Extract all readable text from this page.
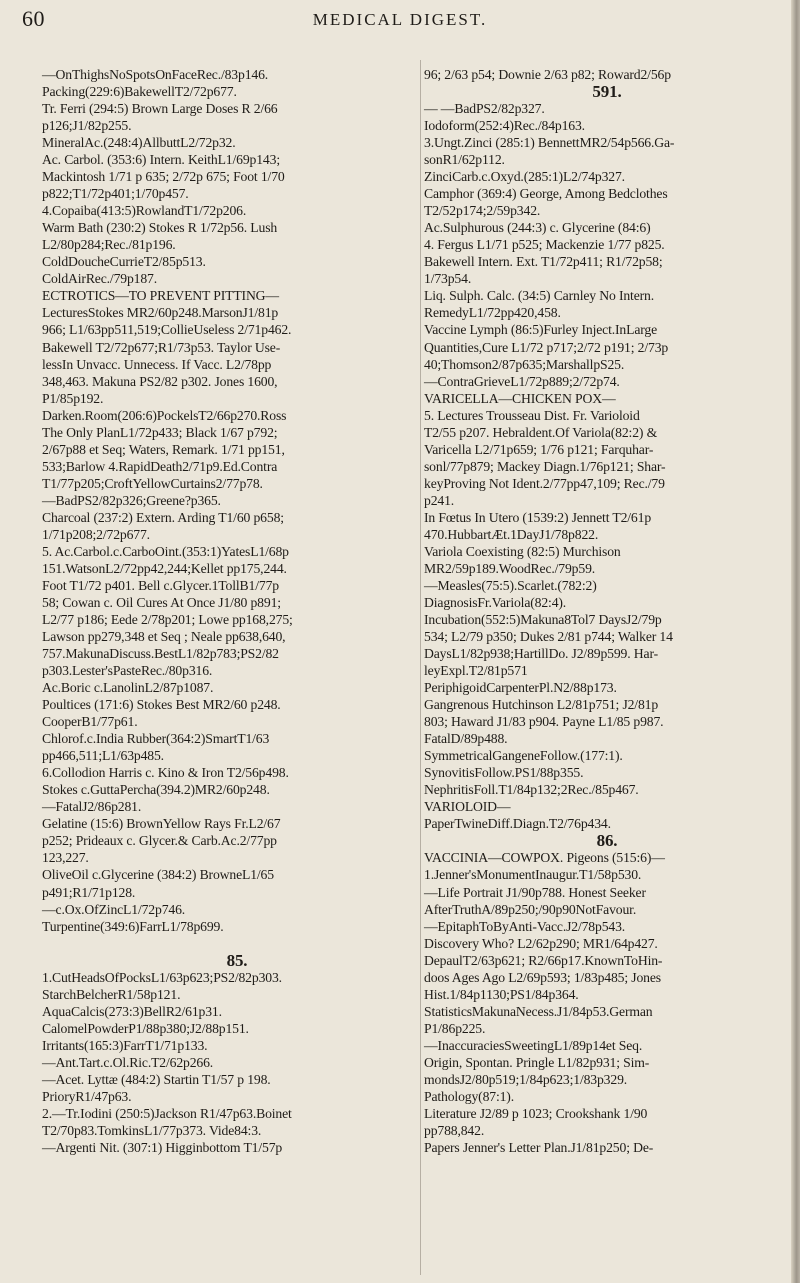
60	MEDICAL DIGEST.
—OnThighsNoSpotsOnFaceRec./83p146.
Packing(229:6)BakewellT2/72p677.
Tr. Ferri (294:5) Brown Large Doses R 2/66
p126;J1/82p255.
MineralAc.(248:4)AllbuttL2/72p32.
Ac. Carbol. (353:6) Intern. KeithL1/69p143;
Mackintosh 1/71 p 635; 2/72p 675; Foot 1/70
p822;T1/72p401;1/70p457.
4.Copaiba(413:5)RowlandT1/72p206.
Warm Bath (230:2) Stokes R 1/72p56. Lush
L2/80p284;Rec./81p196.
ColdDoucheCurrieT2/85p513.
ColdAirRec./79p187.
ECTROTICS—TO PREVENT PITTING—
LecturesStokes MR2/60p248.MarsonJ1/81p
966; L1/63pp511,519;CollieUseless 2/71p462.
Bakewell T2/72p677;R1/73p53. Taylor Use-
lessIn Unvacc. Unnecess. If Vacc. L2/78pp
348,463. Makuna PS2/82 p302. Jones 1600,
P1/85p192.
Darken.Room(206:6)PockelsT2/66p270.Ross
The Only PlanL1/72p433; Black 1/67 p792;
2/67p88 et Seq; Waters, Remark. 1/71 pp151,
533;Barlow 4.RapidDeath2/71p9.Ed.Contra
T1/77p205;CroftYellowCurtains2/77p78.
—BadPS2/82p326;Greene?p365.
Charcoal (237:2) Extern. Arding T1/60 p658;
1/71p208;2/72p677.
5. Ac.Carbol.c.CarboOint.(353:1)YatesL1/68p
151.WatsonL2/72pp42,244;Kellet pp175,244.
Foot T1/72 p401. Bell c.Glycer.1TollB1/77p
58; Cowan c. Oil Cures At Once J1/80 p891;
L2/77 p186; Eede 2/78p201; Lowe pp168,275;
Lawson pp279,348 et Seq ; Neale pp638,640,
757.MakunaDiscuss.BestL1/82p783;PS2/82
p303.Lester'sPasteRec./80p316.
Ac.Boric c.LanolinL2/87p1087.
Poultices (171:6) Stokes Best MR2/60 p248.
CooperB1/77p61.
Chlorof.c.India Rubber(364:2)SmartT1/63
pp466,511;L1/63p485.
6.Collodion Harris c. Kino & Iron T2/56p498.
Stokes c.GuttaPercha(394.2)MR2/60p248.
—FatalJ2/86p281.
Gelatine (15:6) BrownYellow Rays Fr.L2/67
p252; Prideaux c. Glycer.& Carb.Ac.2/77pp
123,227.
OliveOil c.Glycerine (384:2) BrowneL1/65
p491;R1/71p128.
—c.Ox.OfZincL1/72p746.
Turpentine(349:6)FarrL1/78p699.

85.
1.CutHeadsOfPocksL1/63p623;PS2/82p303.
StarchBelcherR1/58p121.
AquaCalcis(273:3)BellR2/61p31.
CalomelPowderP1/88p380;J2/88p151.
Irritants(165:3)FarrT1/71p133.
—Ant.Tart.c.Ol.Ric.T2/62p266.
—Acet. Lyttæ (484:2) Startin T1/57 p 198.
PrioryR1/47p63.
2.—Tr.Iodini (250:5)Jackson R1/47p63.Boinet
T2/70p83.TomkinsL1/77p373. Vide84:3.
—Argenti Nit. (307:1) Higginbottom T1/57p
96; 2/63 p54; Downie 2/63 p82; Roward2/56p
591.
— —BadPS2/82p327.
Iodoform(252:4)Rec./84p163.
3.Ungt.Zinci (285:1) BennettMR2/54p566.Ga-
sonR1/62p112.
ZinciCarb.c.Oxyd.(285:1)L2/74p327.
Camphor (369:4) George, Among Bedclothes
T2/52p174;2/59p342.
Ac.Sulphurous (244:3) c. Glycerine (84:6)
4. Fergus L1/71 p525; Mackenzie 1/77 p825.
Bakewell Intern. Ext. T1/72p411; R1/72p58;
1/73p54.
Liq. Sulph. Calc. (34:5) Carnley No Intern.
RemedyL1/72pp420,458.
Vaccine Lymph (86:5)Furley Inject.InLarge
Quantities,Cure L1/72 p717;2/72 p191; 2/73p
40;Thomson2/87p635;MarshallpS25.
—ContraGrieveL1/72p889;2/72p74.
VARICELLA—CHICKEN POX—
5. Lectures Trousseau Dist. Fr. Varioloid
T2/55 p207. Hebraldent.Of Variola(82:2) &
Varicella L2/71p659; 1/76 p121; Farquhar-
sonl/77p879; Mackey Diagn.1/76p121; Shar-
keyProving Not Ident.2/77pp47,109; Rec./79
p241.
In Fœtus In Utero (1539:2) Jennett T2/61p
470.HubbartÆt.1DayJ1/78p822.
Variola Coexisting (82:5) Murchison
MR2/59p189.WoodRec./79p59.
—Measles(75:5).Scarlet.(782:2)
DiagnosisFr.Variola(82:4).
Incubation(552:5)Makuna8Tol7 DaysJ2/79p
534; L2/79 p350; Dukes 2/81 p744; Walker 14
DaysL1/82p938;HartillDo. J2/89p599. Har-
leyExpl.T2/81p571
PeriphigoidCarpenterPl.N2/88p173.
Gangrenous Hutchinson L2/81p751; J2/81p
803; Haward J1/83 p904. Payne L1/85 p987.
FatalD/89p488.
SymmetricalGangeneFollow.(177:1).
SynovitisFollow.PS1/88p355.
NephritisFoll.T1/84p132;2Rec./85p467.
VARIOLOID—
PaperTwineDiff.Diagn.T2/76p434.
86.
VACCINIA—COWPOX. Pigeons (515:6)—
1.Jenner'sMonumentInaugur.T1/58p530.
—Life Portrait J1/90p788. Honest Seeker
AfterTruthA/89p250;/90p90NotFavour.
—EpitaphToByAnti-Vacc.J2/78p543.
Discovery Who? L2/62p290; MR1/64p427.
DepaulT2/63p621; R2/66p17.KnownToHin-
doos Ages Ago L2/69p593; 1/83p485; Jones
Hist.1/84p1130;PS1/84p364.
StatisticsMakunaNecess.J1/84p53.German
P1/86p225.
—InaccuraciesSweetingL1/89p14et Seq.
Origin, Spontan. Pringle L1/82p931; Sim-
mondsJ2/80p519;1/84p623;1/83p329.
Pathology(87:1).
Literature J2/89 p 1023; Crookshank 1/90
pp788,842.
Papers Jenner's Letter Plan.J1/81p250; De-
